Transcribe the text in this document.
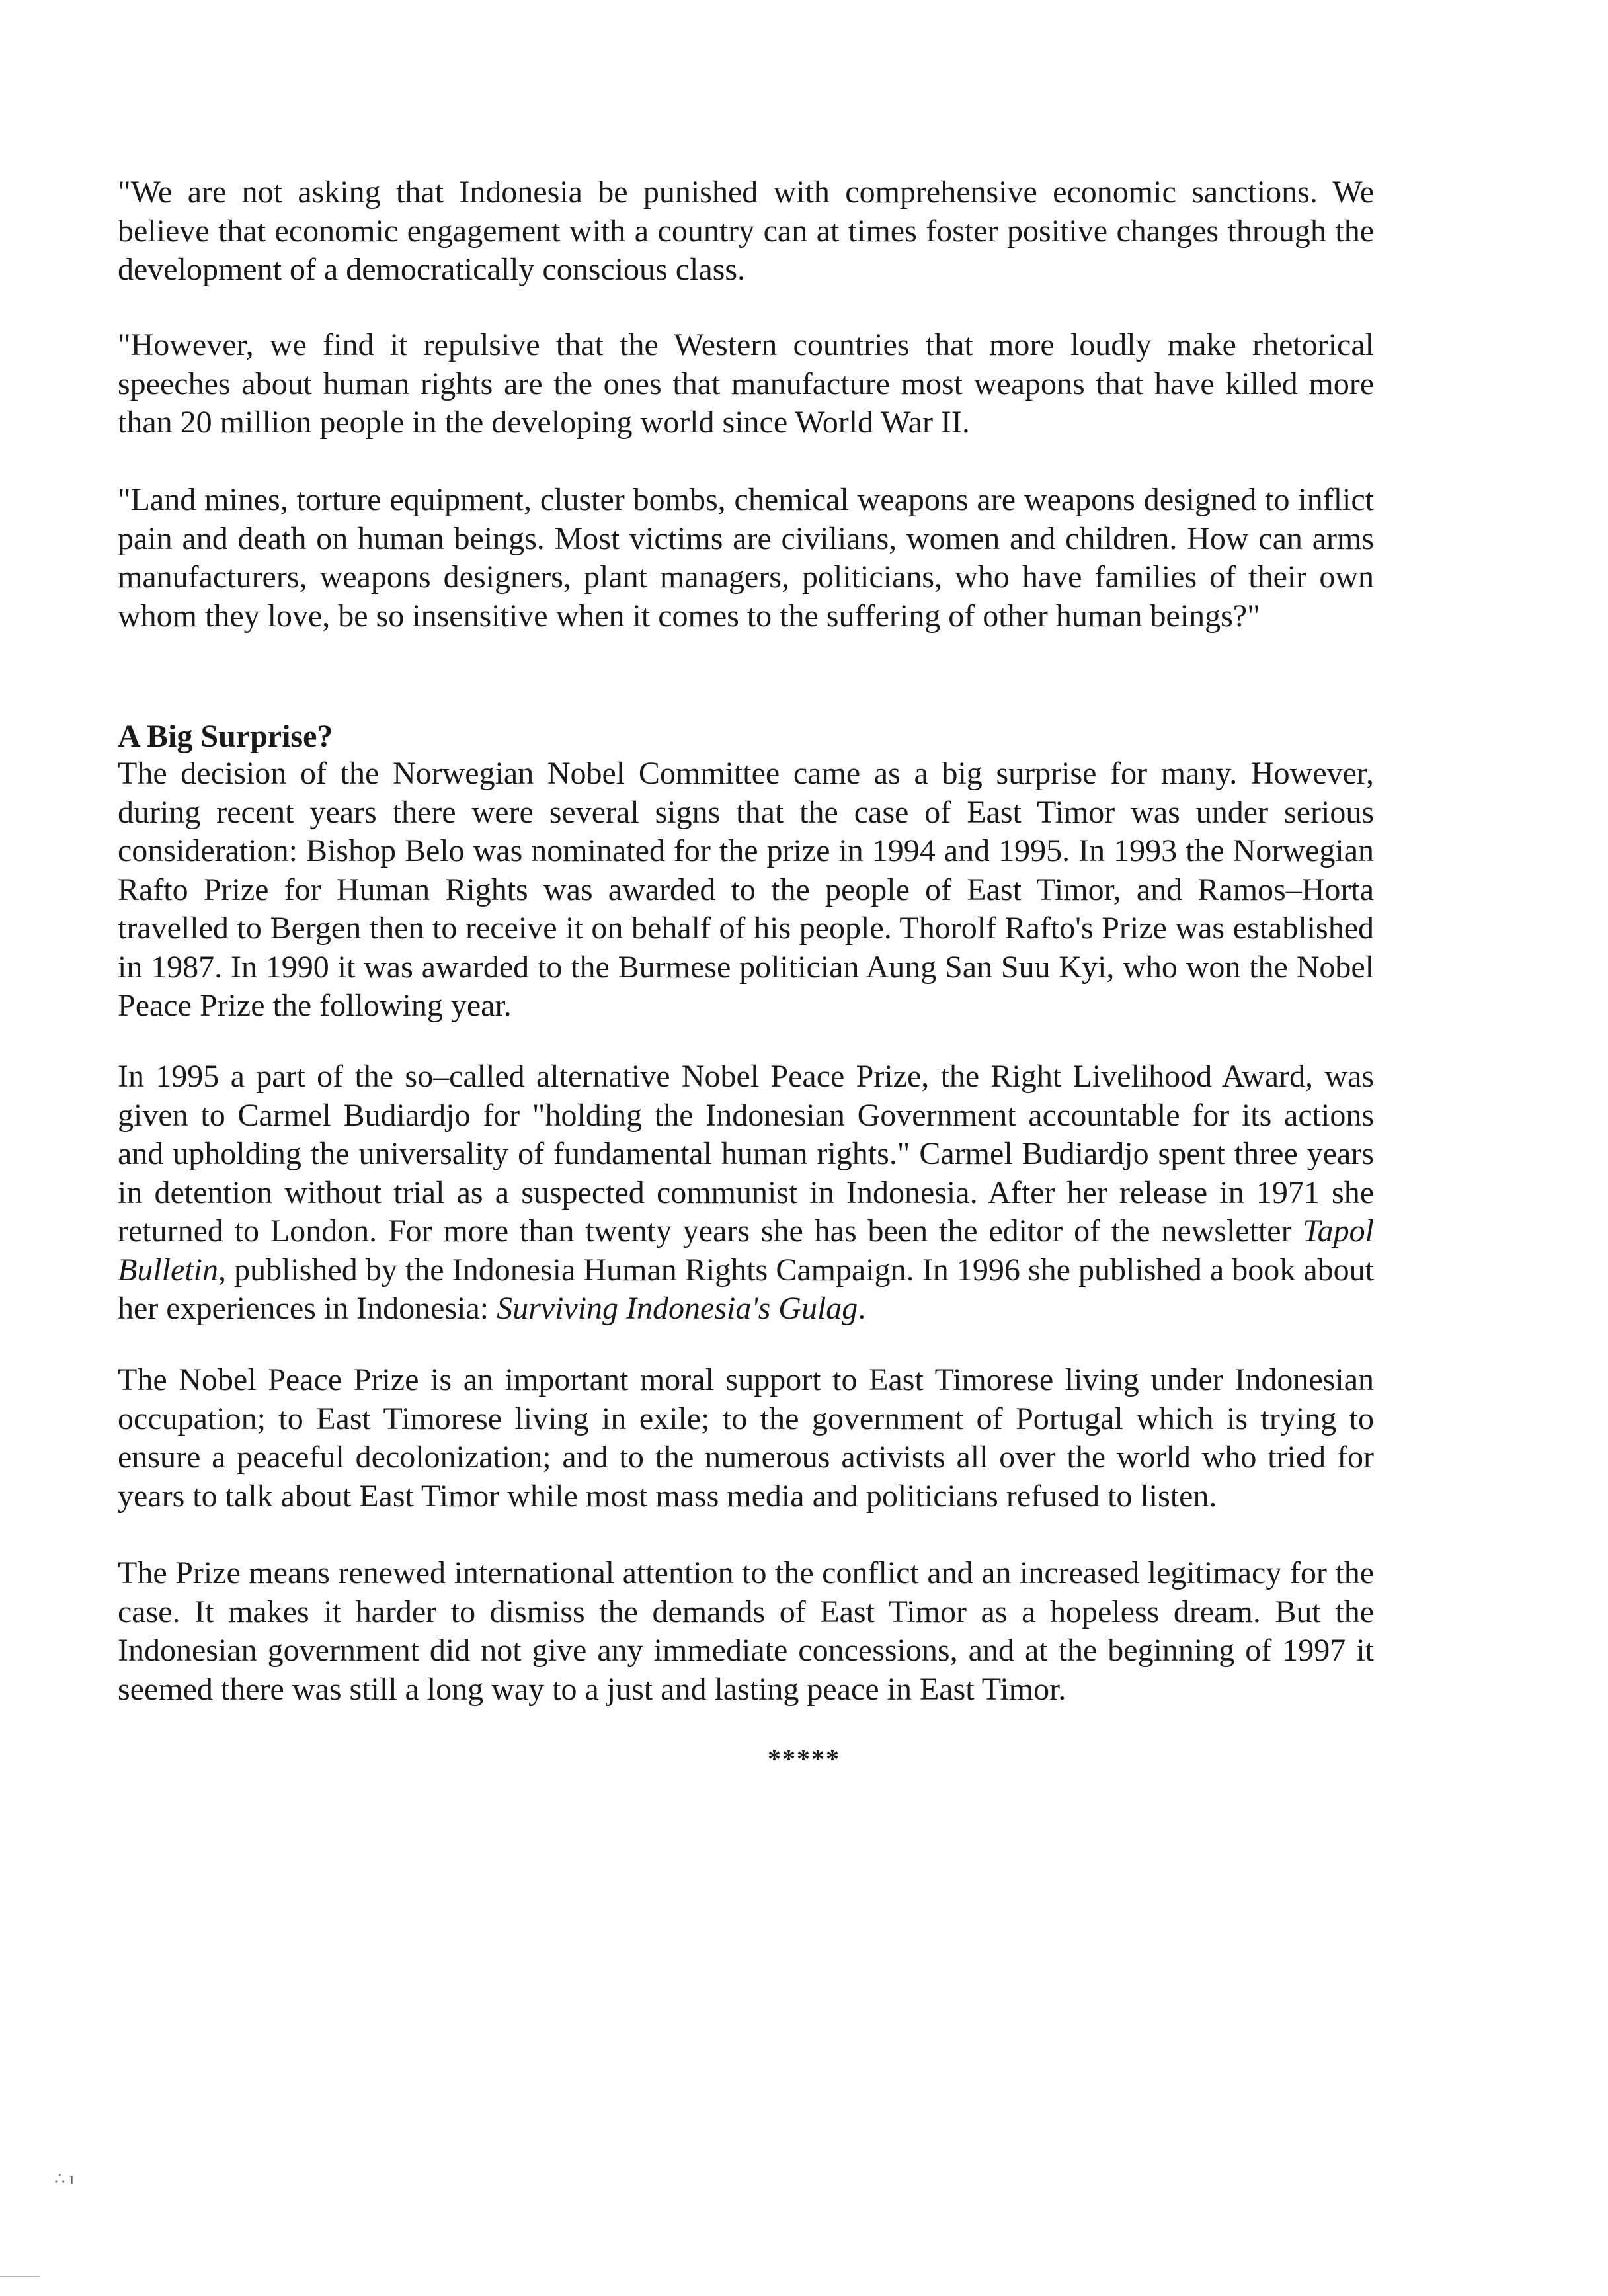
"We are not asking that Indonesia be punished with comprehensive economic sanctions. We believe that economic engagement with a country can at times foster positive changes through the development of a democratically conscious class.

"However, we find it repulsive that the Western countries that more loudly make rhetorical speeches about human rights are the ones that manufacture most weapons that have killed more than 20 million people in the developing world since World War II.

"Land mines, torture equipment, cluster bombs, chemical weapons are weapons designed to inflict pain and death on human beings. Most victims are civilians, women and children. How can arms manufacturers, weapons designers, plant managers, politicians, who have families of their own whom they love, be so insensitive when it comes to the suffering of other human beings?"

A Big Surprise?

The decision of the Norwegian Nobel Committee came as a big surprise for many. However, during recent years there were several signs that the case of East Timor was under serious consideration: Bishop Belo was nominated for the prize in 1994 and 1995. In 1993 the Norwegian Rafto Prize for Human Rights was awarded to the people of East Timor, and Ramos–Horta travelled to Bergen then to receive it on behalf of his people. Thorolf Rafto's Prize was established in 1987. In 1990 it was awarded to the Burmese politician Aung San Suu Kyi, who won the Nobel Peace Prize the following year.

In 1995 a part of the so–called alternative Nobel Peace Prize, the Right Livelihood Award, was given to Carmel Budiardjo for "holding the Indonesian Government accountable for its actions and upholding the universality of fundamental human rights." Carmel Budiardjo spent three years in detention without trial as a suspected communist in Indonesia. After her release in 1971 she returned to London. For more than twenty years she has been the editor of the newsletter Tapol Bulletin, published by the Indonesia Human Rights Campaign. In 1996 she published a book about her experiences in Indonesia: Surviving Indonesia's Gulag.

The Nobel Peace Prize is an important moral support to East Timorese living under Indonesian occupation; to East Timorese living in exile; to the government of Portugal which is trying to ensure a peaceful decolonization; and to the numerous activists all over the world who tried for years to talk about East Timor while most mass media and politicians refused to listen.

The Prize means renewed international attention to the conflict and an increased legitimacy for the case. It makes it harder to dismiss the demands of East Timor as a hopeless dream. But the Indonesian government did not give any immediate concessions, and at the beginning of 1997 it seemed there was still a long way to a just and lasting peace in East Timor.

*****
∴ ı
